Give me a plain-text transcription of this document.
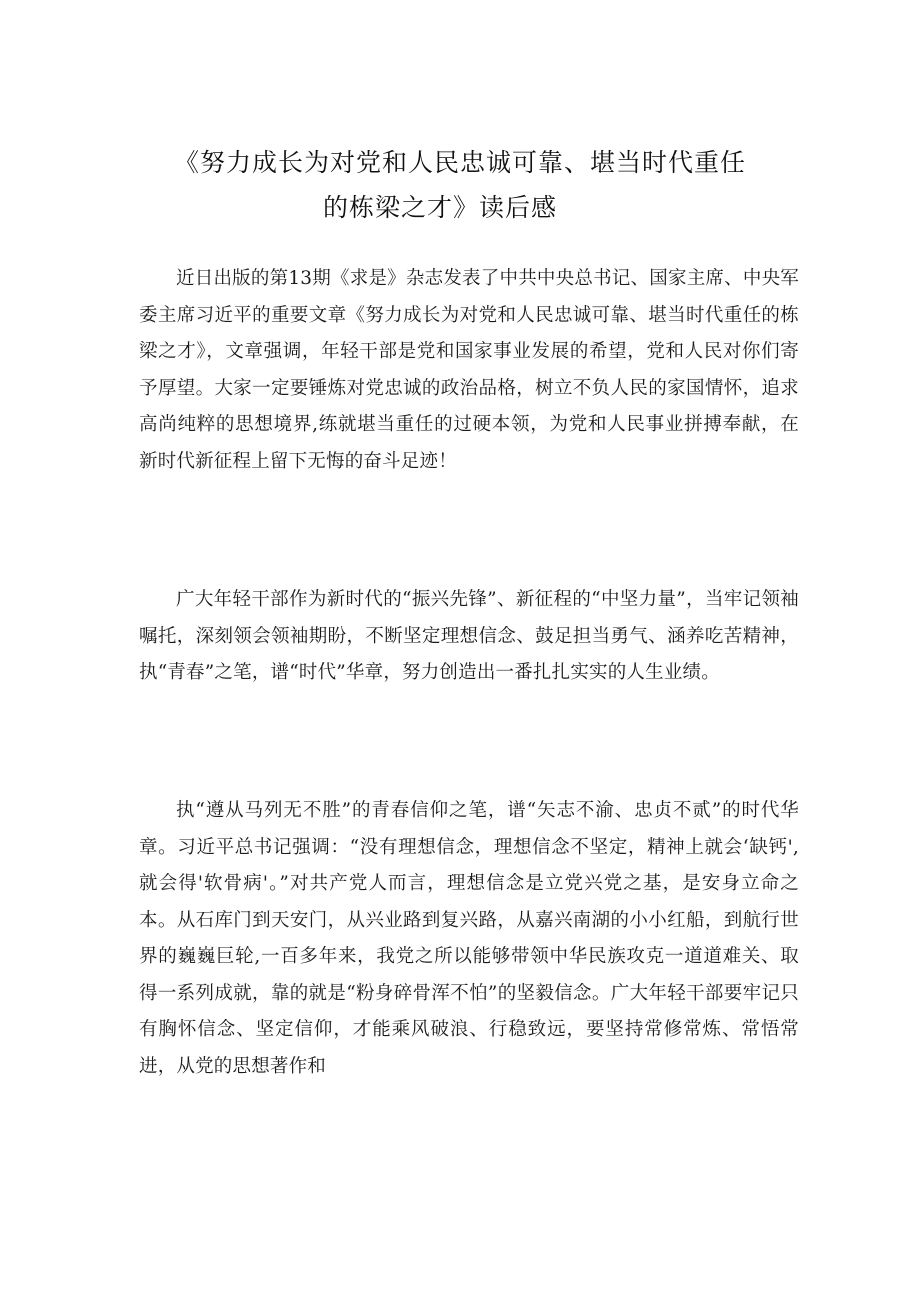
《努力成长为对党和人民忠诚可靠、堪当时代重任
的栋梁之才》读后感

近日出版的第13期《求是》杂志发表了中共中央总书记、国家主席、中央军委主席习近平的重要文章《努力成长为对党和人民忠诚可靠、堪当时代重任的栋梁之才》，文章强调，年轻干部是党和国家事业发展的希望，党和人民对你们寄予厚望。大家一定要锤炼对党忠诚的政治品格，树立不负人民的家国情怀，追求高尚纯粹的思想境界,练就堪当重任的过硬本领，为党和人民事业拼搏奉献，在新时代新征程上留下无悔的奋斗足迹！

广大年轻干部作为新时代的“振兴先锋”、新征程的“中坚力量”，当牢记领袖嘱托，深刻领会领袖期盼，不断坚定理想信念、鼓足担当勇气、涵养吃苦精神，执“青春”之笔，谱“时代”华章，努力创造出一番扎扎实实的人生业绩。

执“遵从马列无不胜”的青春信仰之笔，谱“矢志不渝、忠贞不贰”的时代华章。习近平总书记强调：“没有理想信念，理想信念不坚定，精神上就会‘缺钙',就会得'软骨病'。”对共产党人而言，理想信念是立党兴党之基，是安身立命之本。从石库门到天安门，从兴业路到复兴路，从嘉兴南湖的小小红船，到航行世界的巍巍巨轮,一百多年来，我党之所以能够带领中华民族攻克一道道难关、取得一系列成就，靠的就是“粉身碎骨浑不怕”的坚毅信念。广大年轻干部要牢记只有胸怀信念、坚定信仰，才能乘风破浪、行稳致远，要坚持常修常炼、常悟常进，从党的思想著作和
